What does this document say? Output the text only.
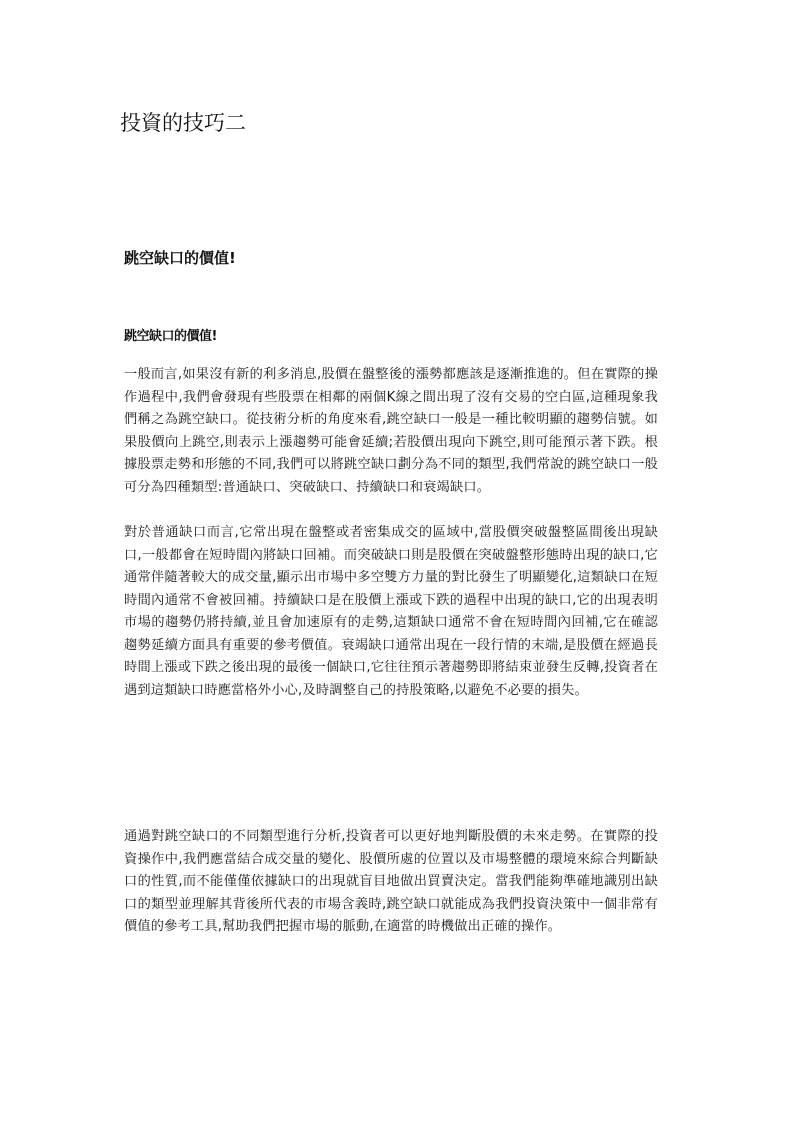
投資的技巧二
跳空缺口的價值!
跳空缺口的價值!

一般而言,如果沒有新的利多消息,股價在盤整後的漲勢都應該是逐漸推進的。但在實際的操作過程中,我們會發現有些股票在相鄰的兩個K線之間出現了沒有交易的空白區,這種現象我們稱之為跳空缺口。從技術分析的角度來看,跳空缺口一般是一種比較明顯的趨勢信號。如果股價向上跳空,則表示上漲趨勢可能會延續;若股價出現向下跳空,則可能預示著下跌。根據股票走勢和形態的不同,我們可以將跳空缺口劃分為不同的類型,我們常說的跳空缺口一般可分為四種類型:普通缺口、突破缺口、持續缺口和衰竭缺口。

對於普通缺口而言,它常出現在盤整或者密集成交的區域中,當股價突破盤整區間後出現缺口,一般都會在短時間內將缺口回補。而突破缺口則是股價在突破盤整形態時出現的缺口,它通常伴隨著較大的成交量,顯示出市場中多空雙方力量的對比發生了明顯變化,這類缺口在短時間內通常不會被回補。持續缺口是在股價上漲或下跌的過程中出現的缺口,它的出現表明市場的趨勢仍將持續,並且會加速原有的走勢,這類缺口通常不會在短時間內回補,它在確認趨勢延續方面具有重要的參考價值。衰竭缺口通常出現在一段行情的末端,是股價在經過長時間上漲或下跌之後出現的最後一個缺口,它往往預示著趨勢即將結束並發生反轉,投資者在遇到這類缺口時應當格外小心,及時調整自己的持股策略,以避免不必要的損失。

通過對跳空缺口的不同類型進行分析,投資者可以更好地判斷股價的未來走勢。在實際的投資操作中,我們應當結合成交量的變化、股價所處的位置以及市場整體的環境來綜合判斷缺口的性質,而不能僅僅依據缺口的出現就盲目地做出買賣決定。當我們能夠準確地識別出缺口的類型並理解其背後所代表的市場含義時,跳空缺口就能成為我們投資決策中一個非常有價值的參考工具,幫助我們把握市場的脈動,在適當的時機做出正確的操作。
